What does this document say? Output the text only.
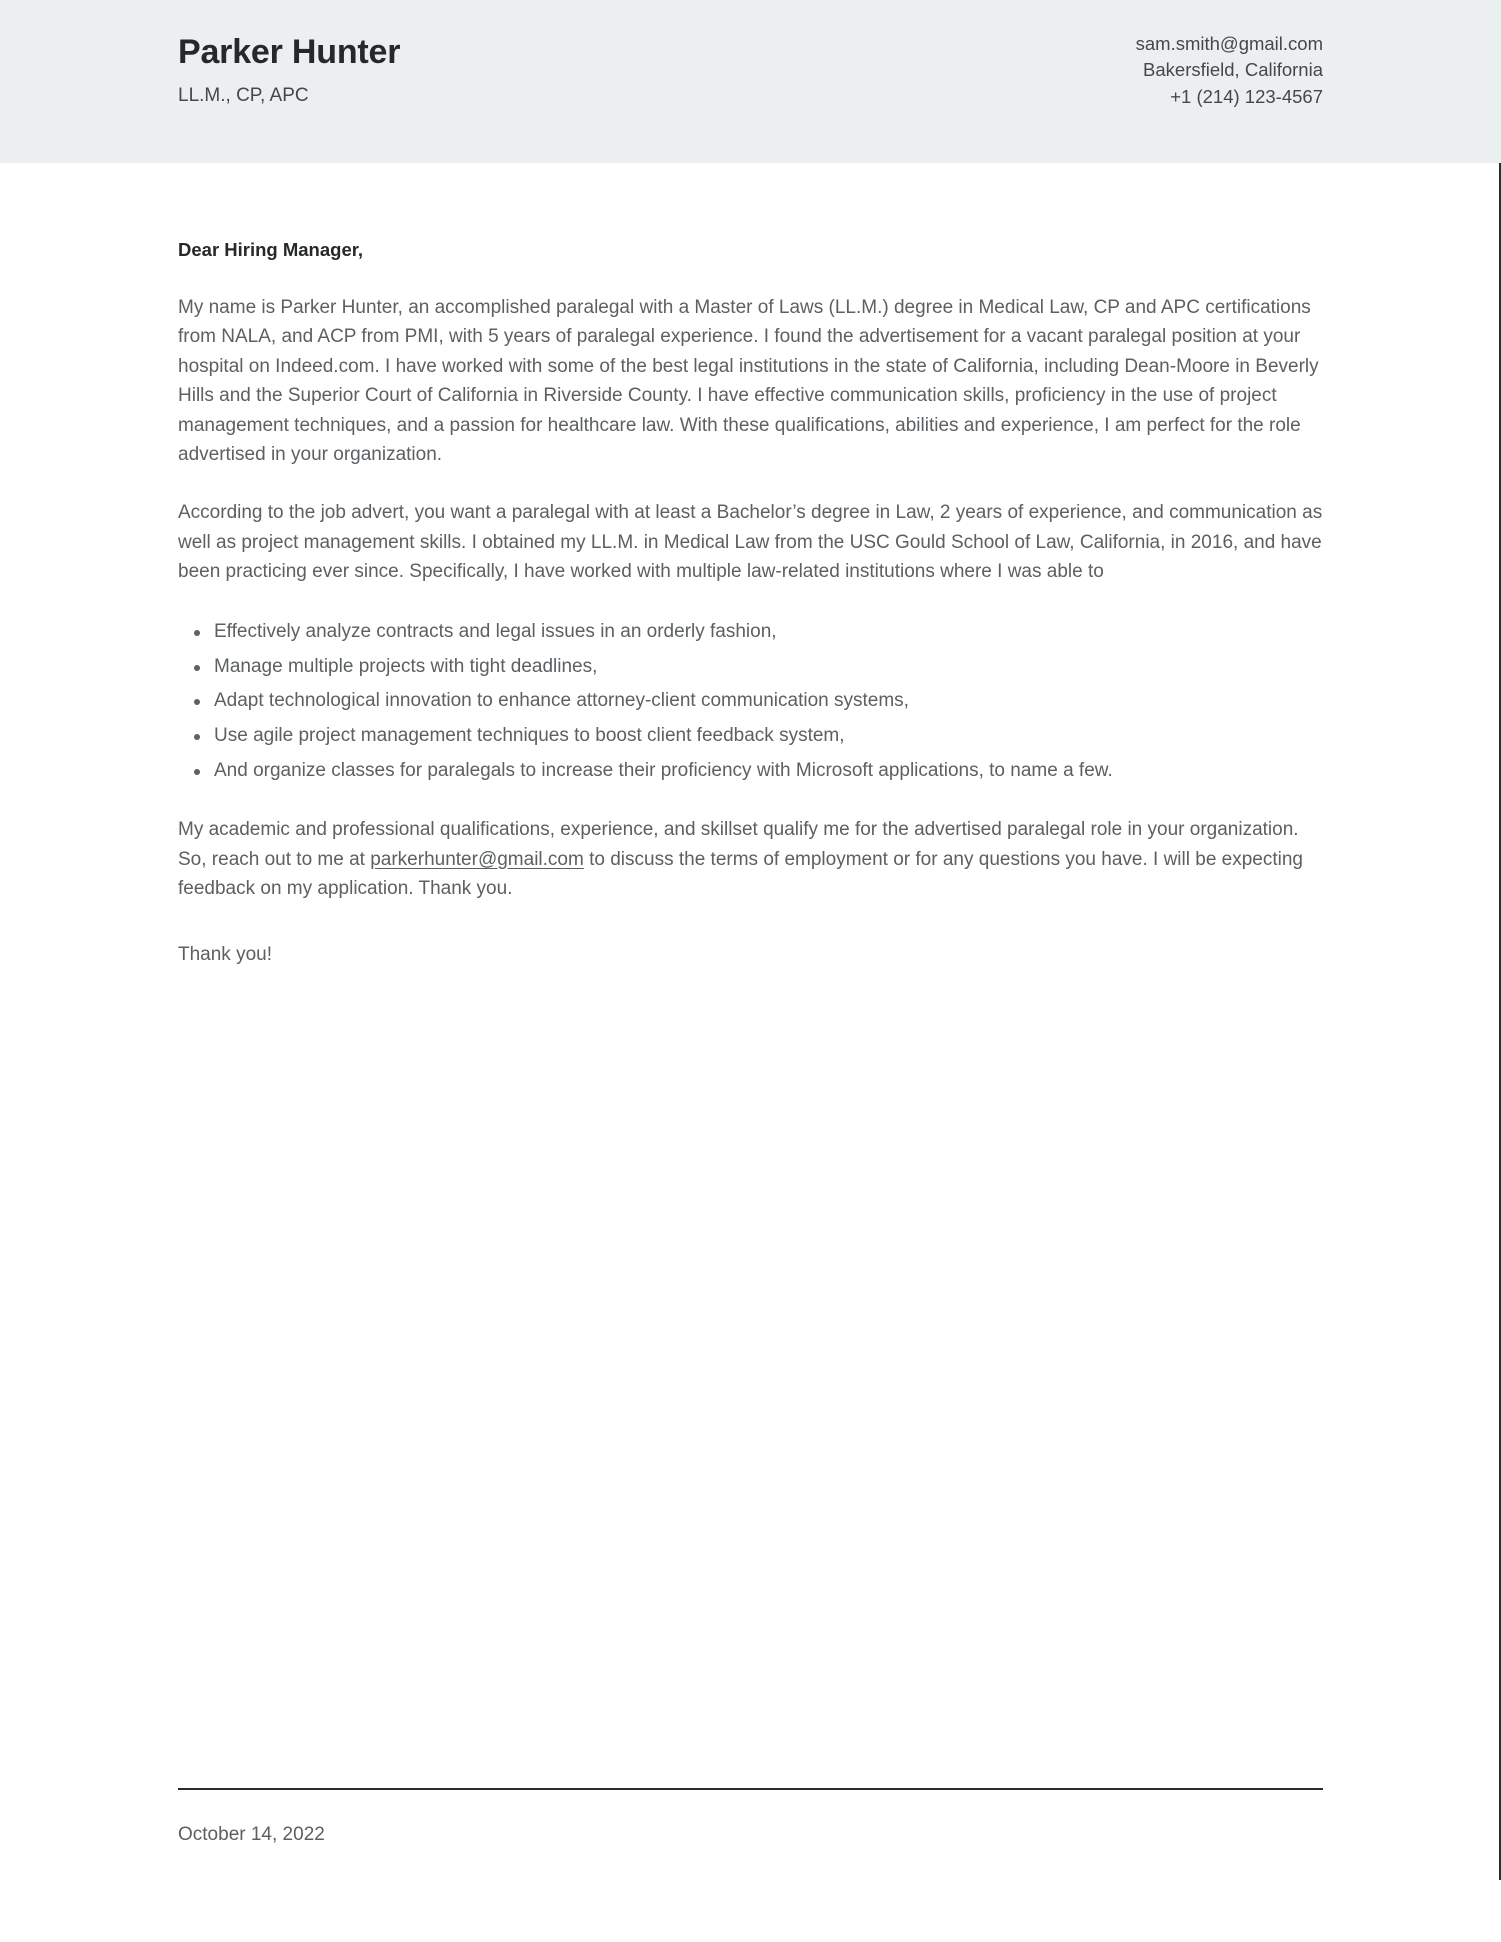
Parker Hunter
LL.M., CP, APC
sam.smith@gmail.com
Bakersfield, California
+1 (214) 123-4567

Dear Hiring Manager,

My name is Parker Hunter, an accomplished paralegal with a Master of Laws (LL.M.) degree in Medical Law, CP and APC certifications from NALA, and ACP from PMI, with 5 years of paralegal experience. I found the advertisement for a vacant paralegal position at your hospital on Indeed.com. I have worked with some of the best legal institutions in the state of California, including Dean-Moore in Beverly Hills and the Superior Court of California in Riverside County. I have effective communication skills, proficiency in the use of project management techniques, and a passion for healthcare law. With these qualifications, abilities and experience, I am perfect for the role advertised in your organization.

According to the job advert, you want a paralegal with at least a Bachelor’s degree in Law, 2 years of experience, and communication as well as project management skills. I obtained my LL.M. in Medical Law from the USC Gould School of Law, California, in 2016, and have been practicing ever since. Specifically, I have worked with multiple law-related institutions where I was able to

Effectively analyze contracts and legal issues in an orderly fashion,
Manage multiple projects with tight deadlines,
Adapt technological innovation to enhance attorney-client communication systems,
Use agile project management techniques to boost client feedback system,
And organize classes for paralegals to increase their proficiency with Microsoft applications, to name a few.

My academic and professional qualifications, experience, and skillset qualify me for the advertised paralegal role in your organization. So, reach out to me at parkerhunter@gmail.com to discuss the terms of employment or for any questions you have. I will be expecting feedback on my application. Thank you.

Thank you!

October 14, 2022
